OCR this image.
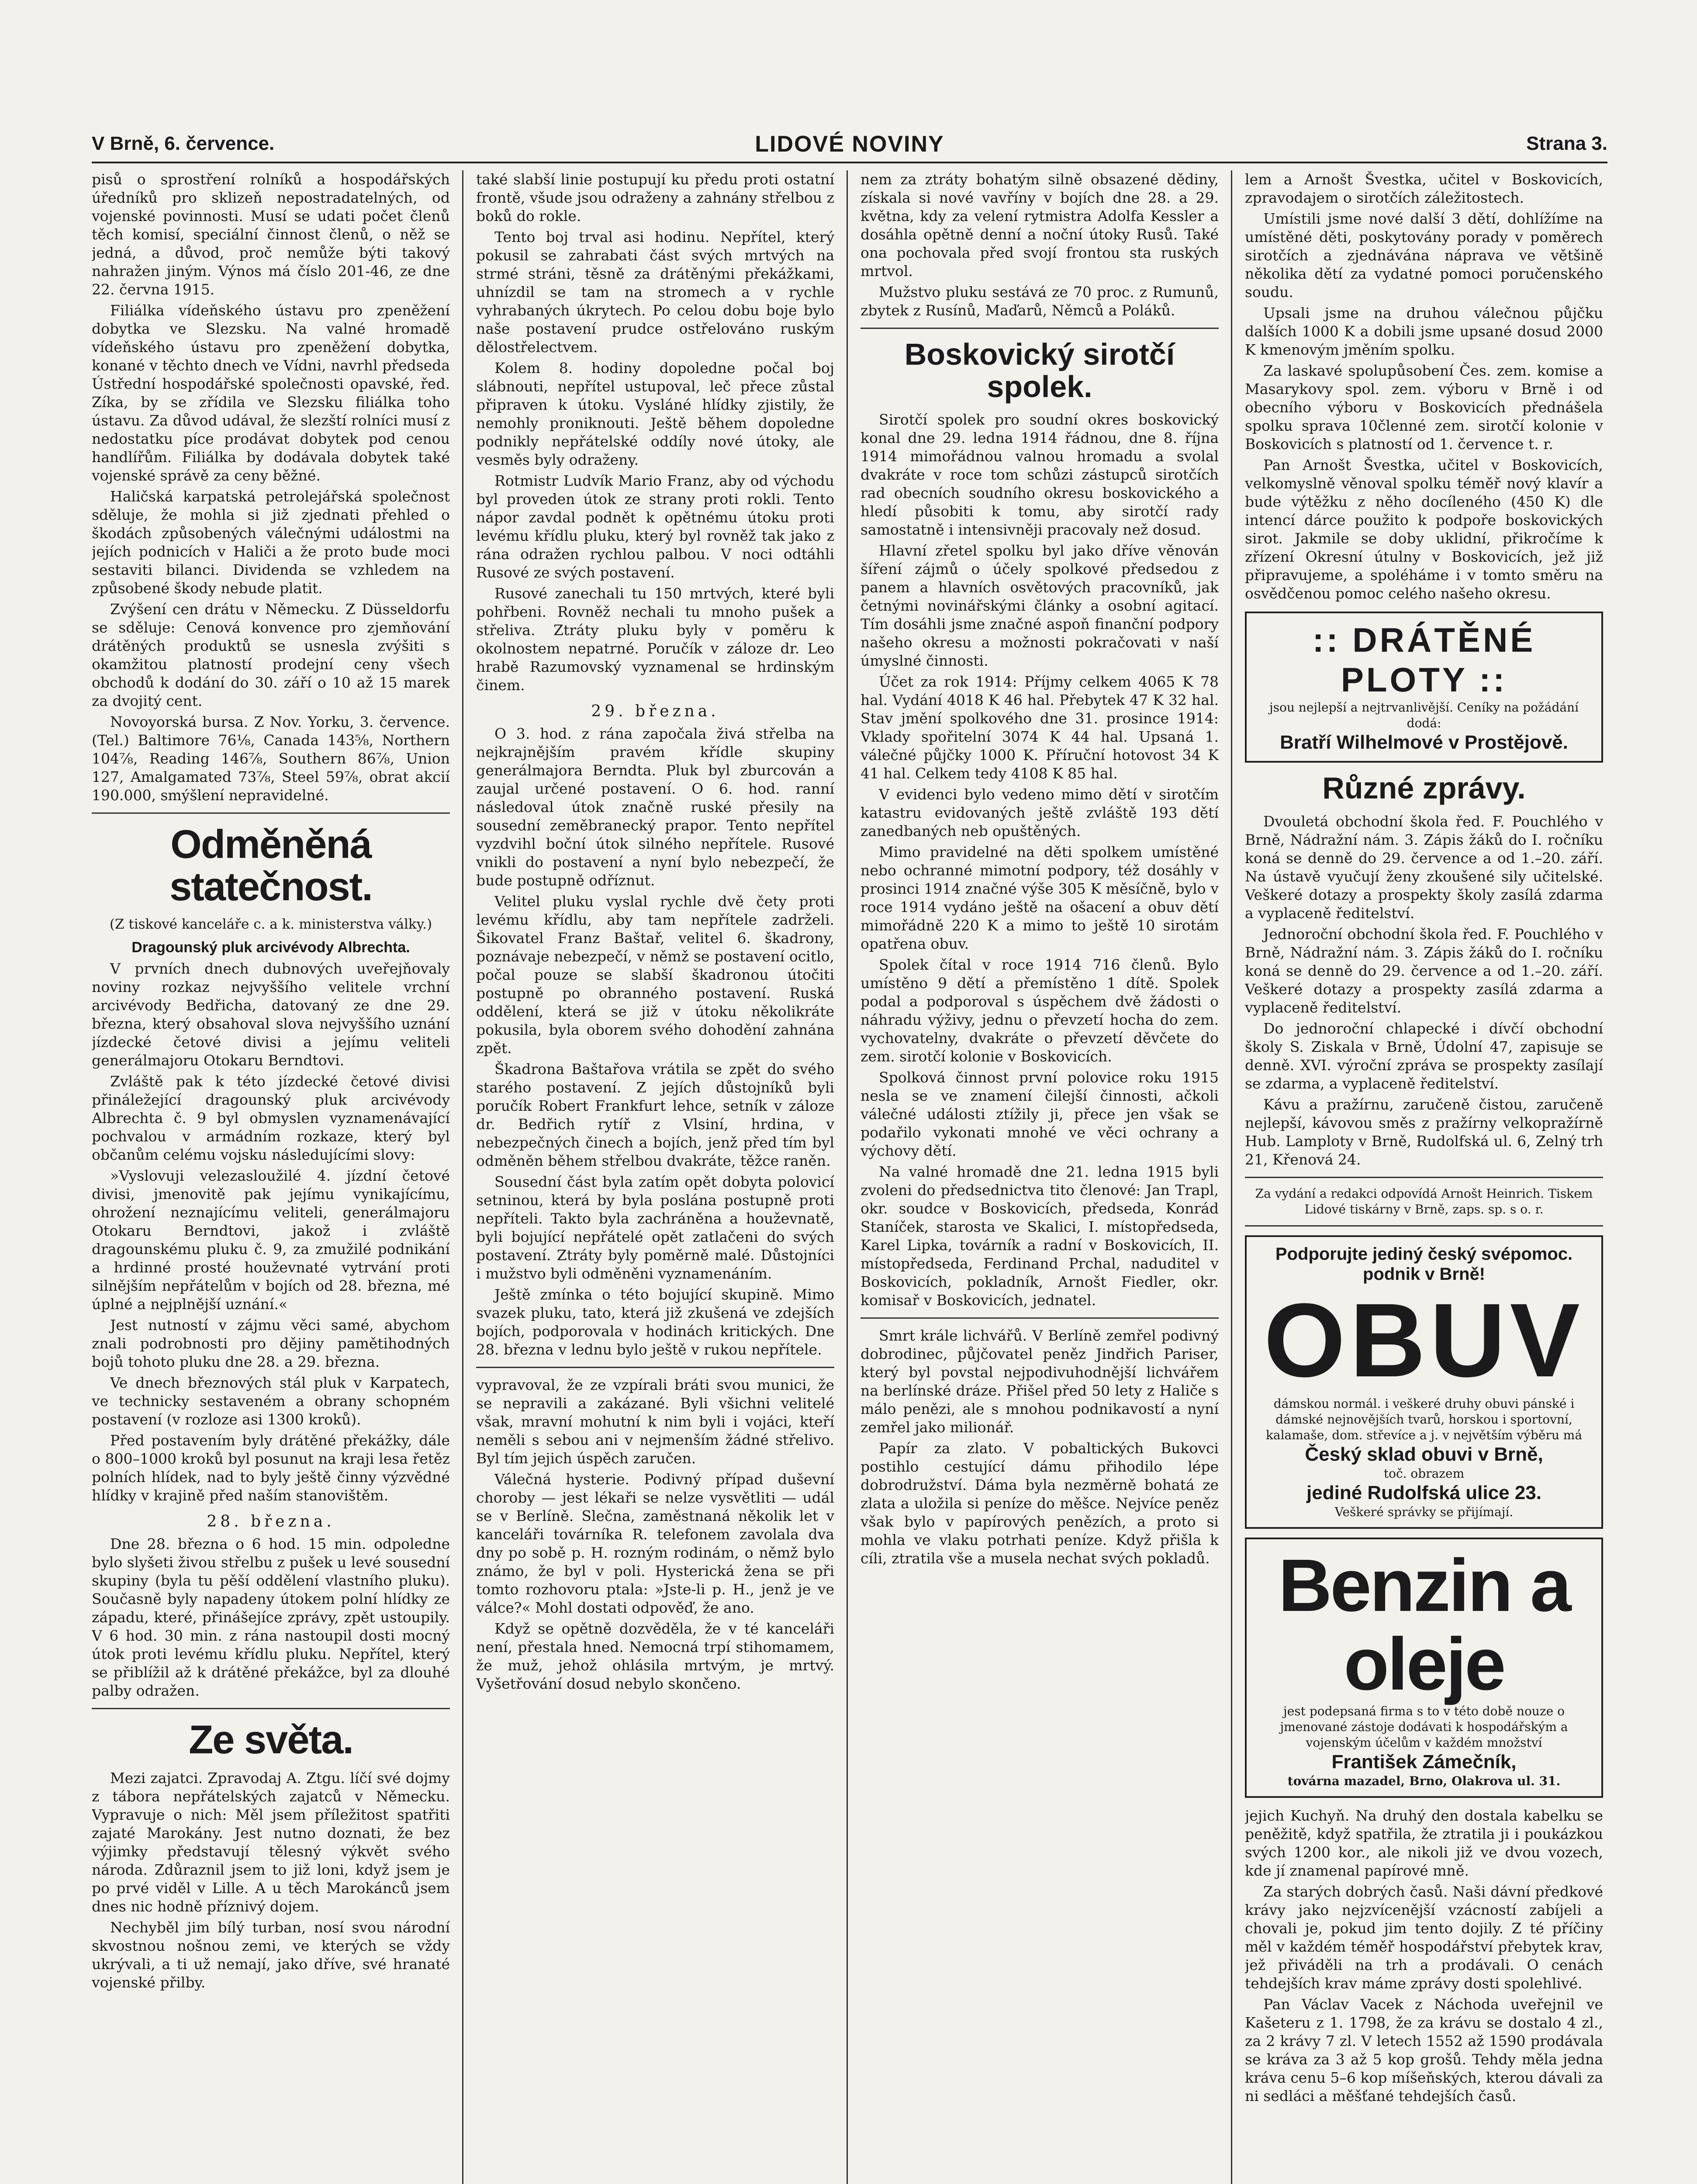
V Brně, 6. července.	LIDOVÉ NOVINY	Strana 3.

pisů o sprostření rolníků a hospodářských úředníků pro sklizeň nepostradatelných, od vojenské povinnosti. Musí se udati počet členů těch komisí, speciální činnost členů, o něž se jedná, a důvod, proč nemůže býti takový nahražen jiným. Výnos má číslo 201-46, ze dne 22. června 1915.

Filiálka vídeňského ústavu pro zpeněžení dobytka ve Slezsku. Na valné hromadě vídeňského ústavu pro zpeněžení dobytka, konané v těchto dnech ve Vídni, navrhl předseda Ústřední hospodářské společnosti opavské, řed. Zíka, by se zřídila ve Slezsku filiálka toho ústavu. Za důvod udával, že slezští rolníci musí z nedostatku píce prodávat dobytek pod cenou handlířům. Filiálka by dodávala dobytek také vojenské správě za ceny běžné.

Haličská karpatská petrolejářská společnost sděluje, že mohla si již zjednati přehled o škodách způsobených válečnými událostmi na jejích podnicích v Haliči a že proto bude moci sestaviti bilanci. Dividenda se vzhledem na způsobené škody nebude platit.

Zvýšení cen drátu v Německu. Z Düsseldorfu se sděluje: Cenová konvence pro zjemňování drátěných produktů se usnesla zvýšiti s okamžitou platností prodejní ceny všech obchodů k dodání do 30. září o 10 až 15 marek za dvojitý cent.

Novoyorská bursa. Z Nov. Yorku, 3. července. (Tel.) Baltimore 76⅛, Canada 143⅝, Northern 104⅞, Reading 146⅞, Southern 86⅞, Union 127, Amalgamated 73⅞, Steel 59⅞, obrat akcií 190.000, smýšlení nepravidelné.

Odměněná statečnost.
(Z tiskové kanceláře c. a k. ministerstva války.)
Dragounský pluk arcivévody Albrechta.

V prvních dnech dubnových uveřejňovaly noviny rozkaz nejvyššího velitele vrchní arcivévody Bedřicha, datovaný ze dne 29. března, který obsahoval slova nejvyššího uznání jízdecké četové divisi a jejímu veliteli generálmajoru Otokaru Berndtovi.

Zvláště pak k této jízdecké četové divisi přináležející dragounský pluk arcivévody Albrechta č. 9 byl obmyslen vyznamenávající pochvalou v armádním rozkaze, který byl občanům celému vojsku následujícími slovy:

»Vyslovuji velezasloužilé 4. jízdní četové divisi, jmenovitě pak jejímu vynikajícímu, ohrožení neznajícímu veliteli, generálmajoru Otokaru Berndtovi, jakož i zvláště dragounskému pluku č. 9, za zmužilé podnikání a hrdinné prosté houževnaté vytrvání proti silnějším nepřátelům v bojích od 28. března, mé úplné a nejplnější uznání.«

Jest nutností v zájmu věci samé, abychom znali podrobnosti pro dějiny pamětihodných bojů tohoto pluku dne 28. a 29. března.

Ve dnech březnových stál pluk v Karpatech, ve technicky sestaveném a obrany schopném postavení (v rozloze asi 1300 kroků).

Před postavením byly drátěné překážky, dále o 800–1000 kroků byl posunut na kraji lesa řetěz polních hlídek, nad to byly ještě činny výzvědné hlídky v krajině před naším stanovištěm.

28. března.

Dne 28. března o 6 hod. 15 min. odpoledne bylo slyšeti živou střelbu z pušek u levé sousední skupiny (byla tu pěší oddělení vlastního pluku). Současně byly napadeny útokem polní hlídky ze západu, které, přinášejíce zprávy, zpět ustoupily. V 6 hod. 30 min. z rána nastoupil dosti mocný útok proti levému křídlu pluku. Nepřítel, který se přiblížil až k drátěné překážce, byl za dlouhé palby odražen.

Ze světa.

Mezi zajatci. Zpravodaj A. Ztgu. líčí své dojmy z tábora nepřátelských zajatců v Německu. Vypravuje o nich: Měl jsem příležitost spatřiti zajaté Marokány. Jest nutno doznati, že bez výjimky představují tělesný výkvět svého národa. Zdůraznil jsem to již loni, když jsem je po prvé viděl v Lille. A u těch Marokánců jsem dnes nic hodně příznivý dojem.

Nechyběl jim bílý turban, nosí svou národní skvostnou nošnou zemi, ve kterých se vždy ukrývali, a ti už nemají, jako dříve, své hranaté vojenské přilby.

také slabší linie postupují ku předu proti ostatní frontě, všude jsou odraženy a zahnány střelbou z boků do rokle.

Tento boj trval asi hodinu. Nepřítel, který pokusil se zahrabati část svých mrtvých na strmé stráni, těsně za drátěnými překážkami, uhnízdil se tam na stromech a v rychle vyhrabaných úkrytech. Po celou dobu boje bylo naše postavení prudce ostřelováno ruským dělostřelectvem.

Kolem 8. hodiny dopoledne počal boj slábnouti, nepřítel ustupoval, leč přece zůstal připraven k útoku. Vysláné hlídky zjistily, že nemohly proniknouti. Ještě během dopoledne podnikly nepřátelské oddíly nové útoky, ale vesměs byly odraženy.

Rotmistr Ludvík Mario Franz, aby od východu byl proveden útok ze strany proti rokli. Tento nápor zavdal podnět k opětnému útoku proti levému křídlu pluku, který byl rovněž tak jako z rána odražen rychlou palbou. V noci odtáhli Rusové ze svých postavení.

Rusové zanechali tu 150 mrtvých, které byli pohřbeni. Rovněž nechali tu mnoho pušek a střeliva. Ztráty pluku byly v poměru k okolnostem nepatrné. Poručík v záloze dr. Leo hrabě Razumovský vyznamenal se hrdinským činem.

29. března.

O 3. hod. z rána započala živá střelba na nejkrajnějším pravém křídle skupiny generálmajora Berndta. Pluk byl zburcován a zaujal určené postavení. O 6. hod. ranní následoval útok značně ruské přesily na sousední zeměbranecký prapor. Tento nepřítel vyzdvihl boční útok silného nepřítele. Rusové vnikli do postavení a nyní bylo nebezpečí, že bude postupně odříznut.

Velitel pluku vyslal rychle dvě čety proti levému křídlu, aby tam nepřítele zadrželi. Šikovatel Franz Baštař, velitel 6. škadrony, poznávaje nebezpečí, v němž se postavení ocitlo, počal pouze se slabší škadronou útočiti postupně po obranného postavení. Ruská oddělení, která se již v útoku několikráte pokusila, byla oborem svého dohodění zahnána zpět.

Škadrona Baštařova vrátila se zpět do svého starého postavení. Z jejích důstojníků byli poručík Robert Frankfurt lehce, setník v záloze dr. Bedřich rytíř z Vlsiní, hrdina, v nebezpečných činech a bojích, jenž před tím byl odměněn během střelbou dvakráte, těžce raněn.

Sousední část byla zatím opět dobyta polovicí setninou, která by byla poslána postupně proti nepříteli. Takto byla zachráněna a houževnatě, byli bojující nepřátelé opět zatlačeni do svých postavení. Ztráty byly poměrně malé. Důstojníci i mužstvo byli odměněni vyznamenáním.

Ještě zmínka o této bojující skupině. Mimo svazek pluku, tato, která již zkušená ve zdejších bojích, podporovala v hodinách kritických. Dne 28. března v lednu bylo ještě v rukou nepřítele.

vypravoval, že ze vzpírali bráti svou munici, že se nepravili a zakázané. Byli všichni velitelé však, mravní mohutní k nim byli i vojáci, kteří neměli s sebou ani v nejmenším žádné střelivo. Byl tím jejich úspěch zaručen.

Válečná hysterie. Podivný případ duševní choroby — jest lékaři se nelze vysvětliti — udál se v Berlíně. Slečna, zaměstnaná několik let v kanceláři továrníka R. telefonem zavolala dva dny po sobě p. H. rozným rodinám, o němž bylo známo, že byl v poli. Hysterická žena se při tomto rozhovoru ptala: »Jste-li p. H., jenž je ve válce?« Mohl dostati odpověď, že ano.

Když se opětně dozvěděla, že v té kanceláři není, přestala hned. Nemocná trpí stihomamem, že muž, jehož ohlásila mrtvým, je mrtvý. Vyšetřování dosud nebylo skončeno.

nem za ztráty bohatým silně obsazené dědiny, získala si nové vavříny v bojích dne 28. a 29. května, kdy za velení rytmistra Adolfa Kessler a dosáhla opětně denní a noční útoky Rusů. Také ona pochovala před svojí frontou sta ruských mrtvol.

Mužstvo pluku sestává ze 70 proc. z Rumunů, zbytek z Rusínů, Maďarů, Němců a Poláků.

Boskovický sirotčí spolek.

Sirotčí spolek pro soudní okres boskovický konal dne 29. ledna 1914 řádnou, dne 8. října 1914 mimořádnou valnou hromadu a svolal dvakráte v roce tom schůzi zástupců sirotčích rad obecních soudního okresu boskovického a hledí působiti k tomu, aby sirotčí rady samostatně i intensivněji pracovaly než dosud.

Hlavní zřetel spolku byl jako dříve věnován šíření zájmů o účely spolkové předsedou z panem a hlavních osvětových pracovníků, jak četnými novinářskými články a osobní agitací. Tím dosáhli jsme značné aspoň finanční podpory našeho okresu a možnosti pokračovati v naší úmyslné činnosti.

Účet za rok 1914: Příjmy celkem 4065 K 78 hal. Vydání 4018 K 46 hal. Přebytek 47 K 32 hal. Stav jmění spolkového dne 31. prosince 1914: Vklady spořitelní 3074 K 44 hal. Upsaná 1. válečné půjčky 1000 K. Příruční hotovost 34 K 41 hal. Celkem tedy 4108 K 85 hal.

V evidenci bylo vedeno mimo dětí v sirotčím katastru evidovaných ještě zvláště 193 dětí zanedbaných neb opuštěných.

Mimo pravidelné na děti spolkem umístěné nebo ochranné mimotní podpory, též dosáhly v prosinci 1914 značné výše 305 K měsíčně, bylo v roce 1914 vydáno ještě na ošacení a obuv dětí mimořádně 220 K a mimo to ještě 10 sirotám opatřena obuv.

Spolek čítal v roce 1914 716 členů. Bylo umístěno 9 dětí a přemístěno 1 dítě. Spolek podal a podporoval s úspěchem dvě žádosti o náhradu výživy, jednu o převzetí hocha do zem. vychovatelny, dvakráte o převzetí děvčete do zem. sirotčí kolonie v Boskovicích.

Spolková činnost první polovice roku 1915 nesla se ve znamení čilejší činnosti, ačkoli válečné události ztížily ji, přece jen však se podařilo vykonati mnohé ve věci ochrany a výchovy dětí.

Na valné hromadě dne 21. ledna 1915 byli zvoleni do předsednictva tito členové: Jan Trapl, okr. soudce v Boskovicích, předseda, Konrád Staníček, starosta ve Skalici, I. místopředseda, Karel Lipka, továrník a radní v Boskovicích, II. místopředseda, Ferdinand Prchal, naduditel v Boskovicích, pokladník, Arnošt Fiedler, okr. komisař v Boskovicích, jednatel.

Smrt krále lichvářů. V Berlíně zemřel podivný dobrodinec, půjčovatel peněz Jindřich Pariser, který byl povstal nejpodivuhodnější lichvářem na berlínské dráze. Přišel před 50 lety z Haliče s málo penězi, ale s mnohou podnikavostí a nyní zemřel jako milionář.

Papír za zlato. V pobaltických Bukovci postihlo cestující dámu přihodilo lépe dobrodružství. Dáma byla nezměrně bohatá ze zlata a uložila si peníze do měšce. Nejvíce peněz však bylo v papírových penězích, a proto si mohla ve vlaku potrhati peníze. Když přišla k cíli, ztratila vše a musela nechat svých pokladů.

lem a Arnošt Švestka, učitel v Boskovicích, zpravodajem o sirotčích záležitostech.

Umístili jsme nové další 3 dětí, dohlížíme na umístěné děti, poskytovány porady v poměrech sirotčích a zjednávána náprava ve většině několika dětí za vydatné pomoci poručenského soudu.

Upsali jsme na druhou válečnou půjčku dalších 1000 K a dobili jsme upsané dosud 2000 K kmenovým jměním spolku.

Za laskavé spolupůsobení Čes. zem. komise a Masarykovy spol. zem. výboru v Brně i od obecního výboru v Boskovicích přednášela spolku sprava 10členné zem. sirotčí kolonie v Boskovicích s platností od 1. července t. r.

Pan Arnošt Švestka, učitel v Boskovicích, velkomyslně věnoval spolku téměř nový klavír a bude výtěžku z něho docíleného (450 K) dle intencí dárce použito k podpoře boskovických sirot. Jakmile se doby uklidní, přikročíme k zřízení Okresní útulny v Boskovicích, jež již připravujeme, a spoléháme i v tomto směru na osvědčenou pomoc celého našeho okresu.

:: DRÁTĚNÉ PLOTY ::
jsou nejlepší a nejtrvanlivější. Ceníky na požádání dodá:
Bratří Wilhelmové v Prostějově.
Různé zprávy.

Dvouletá obchodní škola řed. F. Pouchlého v Brně, Nádražní nám. 3. Zápis žáků do I. ročníku koná se denně do 29. července a od 1.–20. září. Na ústavě vyučují ženy zkoušené sily učitelské. Veškeré dotazy a prospekty školy zasílá zdarma a vyplaceně ředitelství.

Jednoroční obchodní škola řed. F. Pouchlého v Brně, Nádražní nám. 3. Zápis žáků do I. ročníku koná se denně do 29. července a od 1.–20. září. Veškeré dotazy a prospekty zasílá zdarma a vyplaceně ředitelství.

Do jednoroční chlapecké i dívčí obchodní školy S. Ziskala v Brně, Údolní 47, zapisuje se denně. XVI. výroční zpráva se prospekty zasílají se zdarma, a vyplaceně ředitelství.

Kávu a pražírnu, zaručeně čistou, zaručeně nejlepší, kávovou směs z pražírny velkopražírně Hub. Lamploty v Brně, Rudolfská ul. 6, Zelný trh 21, Křenová 24.

Za vydání a redakci odpovídá Arnošt Heinrich. Tiskem Lidové tiskárny v Brně, zaps. sp. s o. r.
Podporujte jediný český svépomoc. podnik v Brně!
OBUV
dámskou normál. i veškeré druhy obuvi pánské i dámské nejnovějších tvarů, horskou i sportovní, kalamaše, dom. střevíce a j. v největším výběru má
Český sklad obuvi v Brně,
toč. obrazem
jediné Rudolfská ulice 23.
Veškeré správky se přijímají.
Benzin a oleje
jest podepsaná firma s to v této době nouze o jmenované zástoje dodávati k hospodářským a vojenským účelům v každém množství
František Zámečník,
továrna mazadel, Brno, Olakrova ul. 31.

jejich Kuchyň. Na druhý den dostala kabelku se peněžitě, když spatřila, že ztratila ji i poukázkou svých 1200 kor., ale nikoli již ve dvou vozech, kde jí znamenal papírové mně.

Za starých dobrých časů. Naši dávní předkové krávy jako nejzvícenější vzácností zabíjeli a chovali je, pokud jim tento dojily. Z té příčiny měl v každém téměř hospodářství přebytek krav, jež přiváděli na trh a prodávali. O cenách tehdejších krav máme zprávy dosti spolehlivé.

Pan Václav Vacek z Náchoda uveřejnil ve Kašeteru z 1. 1798, že za krávu se dostalo 4 zl., za 2 krávy 7 zl. V letech 1552 až 1590 prodávala se kráva za 3 až 5 kop grošů. Tehdy měla jedna kráva cenu 5–6 kop míšeňských, kterou dávali za ni sedláci a měšťané tehdejších časů.
